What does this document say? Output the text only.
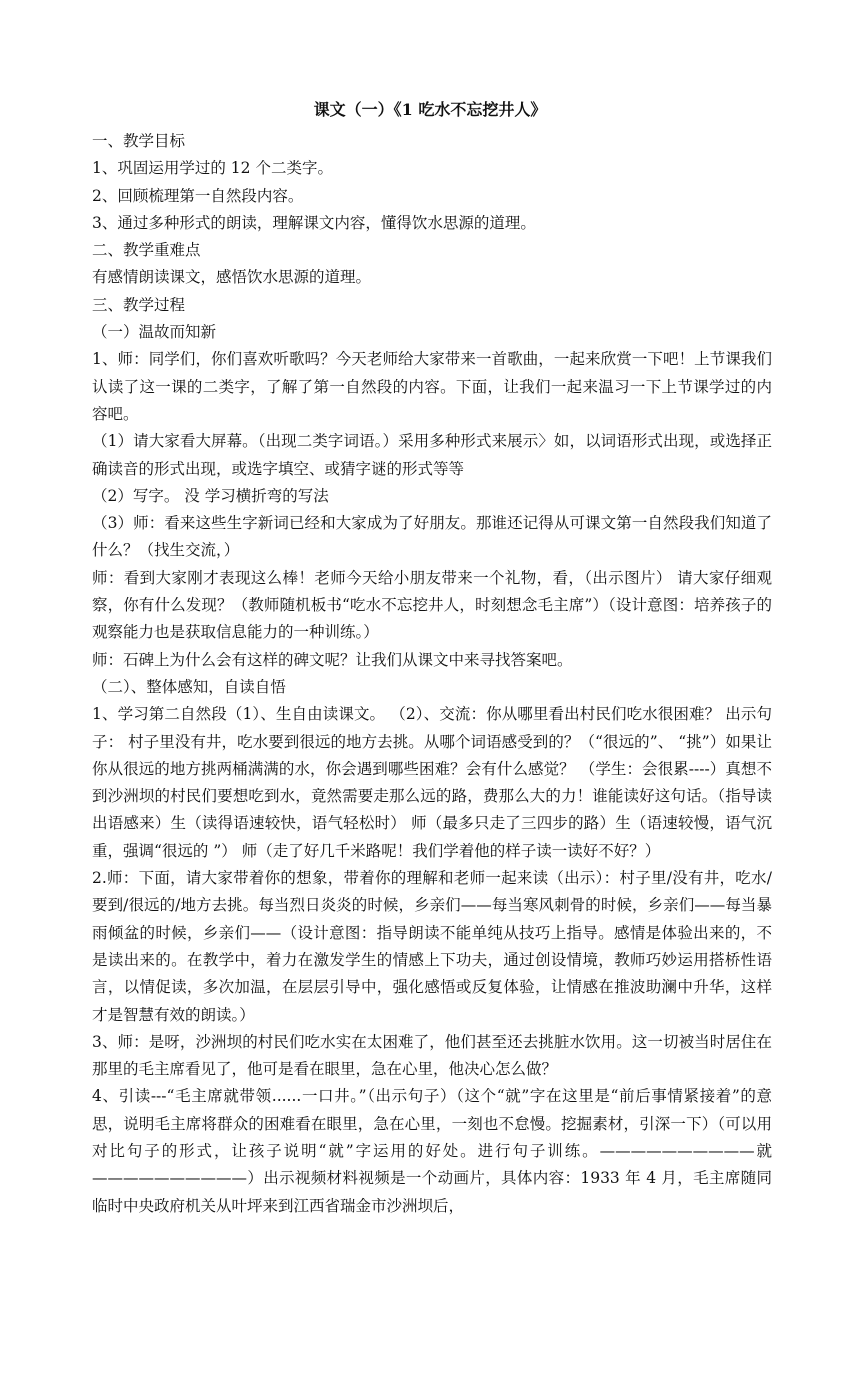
课文（一）《1 吃水不忘挖井人》

一、教学目标

1、巩固运用学过的 12 个二类字。

2、回顾梳理第一自然段内容。

3、通过多种形式的朗读，理解课文内容，懂得饮水思源的道理。

二、教学重难点

有感情朗读课文，感悟饮水思源的道理。

三、教学过程

（一）温故而知新

1、师：同学们，你们喜欢听歌吗？今天老师给大家带来一首歌曲，一起来欣赏一下吧！上节课我们认读了这一课的二类字，了解了第一自然段的内容。下面，让我们一起来温习一下上节课学过的内容吧。

（1）请大家看大屏幕。（出现二类字词语。）采用多种形式来展示〉如，以词语形式出现，或选择正确读音的形式出现，或选字填空、或猜字谜的形式等等

（2）写字。 没 学习横折弯的写法

（3）师：看来这些生字新词已经和大家成为了好朋友。那谁还记得从可课文第一自然段我们知道了什么？（找生交流，）

师：看到大家刚才表现这么棒！老师今天给小朋友带来一个礼物，看，（出示图片） 请大家仔细观察，你有什么发现？（教师随机板书“吃水不忘挖井人，时刻想念毛主席”）（设计意图：培养孩子的观察能力也是获取信息能力的一种训练。）

师：石碑上为什么会有这样的碑文呢？让我们从课文中来寻找答案吧。

（二）、整体感知，自读自悟

1、学习第二自然段（1）、生自由读课文。 （2）、交流：你从哪里看出村民们吃水很困难？ 出示句子： 村子里没有井，吃水要到很远的地方去挑。从哪个词语感受到的？（“很远的”、 “挑”）如果让你从很远的地方挑两桶满满的水，你会遇到哪些困难？会有什么感觉？ （学生：会很累----）真想不到沙洲坝的村民们要想吃到水，竟然需要走那么远的路，费那么大的力！谁能读好这句话。（指导读出语感来）生（读得语速较快，语气轻松时） 师（最多只走了三四步的路）生（语速较慢，语气沉重，强调“很远的 ”） 师（走了好几千米路呢！我们学着他的样子读一读好不好？）

2.师：下面，请大家带着你的想象，带着你的理解和老师一起来读（出示）：村子里/没有井，吃水/要到/很远的/地方去挑。每当烈日炎炎的时候，乡亲们——每当寒风刺骨的时候，乡亲们——每当暴雨倾盆的时候，乡亲们——（设计意图：指导朗读不能单纯从技巧上指导。感情是体验出来的，不是读出来的。在教学中，着力在激发学生的情感上下功夫，通过创设情境，教师巧妙运用搭桥性语言，以情促读，多次加温，在层层引导中，强化感悟或反复体验，让情感在推波助澜中升华，这样才是智慧有效的朗读。）

3、师：是呀，沙洲坝的村民们吃水实在太困难了，他们甚至还去挑脏水饮用。这一切被当时居住在那里的毛主席看见了，他可是看在眼里，急在心里，他决心怎么做？

4、引读---“毛主席就带领......一口井。”（出示句子）（这个“就”字在这里是“前后事情紧接着”的意思，说明毛主席将群众的困难看在眼里，急在心里，一刻也不怠慢。挖掘素材，引深一下）（可以用对比句子的形式，让孩子说明“就”字运用的好处。进行句子训练。——————————就——————————）出示视频材料视频是一个动画片，具体内容：1933 年 4 月，毛主席随同临时中央政府机关从叶坪来到江西省瑞金市沙洲坝后，
